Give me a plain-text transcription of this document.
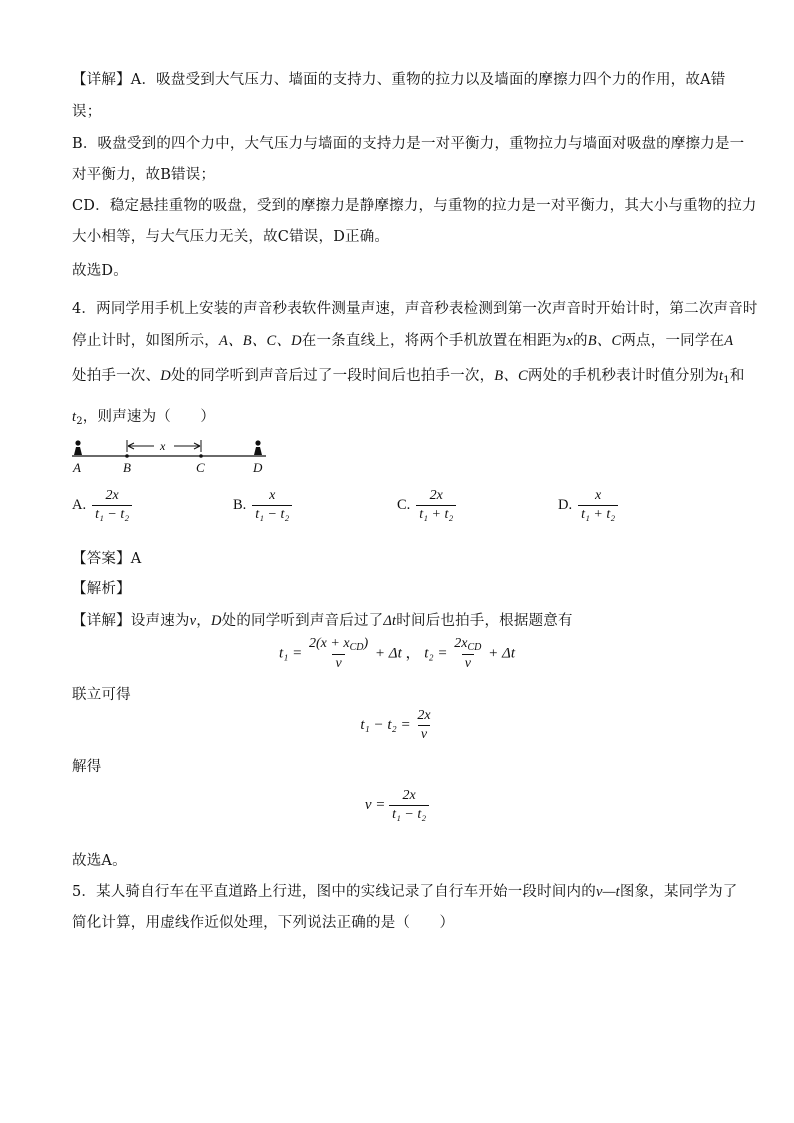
【详解】A．吸盘受到大气压力、墙面的支持力、重物的拉力以及墙面的摩擦力四个力的作用，故A错
误；
B．吸盘受到的四个力中，大气压力与墙面的支持力是一对平衡力，重物拉力与墙面对吸盘的摩擦力是一
对平衡力，故B错误；
CD．稳定悬挂重物的吸盘，受到的摩擦力是静摩擦力，与重物的拉力是一对平衡力，其大小与重物的拉力
大小相等，与大气压力无关，故C错误，D正确。
故选D。
4．两同学用手机上安装的声音秒表软件测量声速，声音秒表检测到第一次声音时开始计时，第二次声音时
停止计时，如图所示，A、B、C、D在一条直线上，将两个手机放置在相距为x的B、C两点，一同学在A
处拍手一次、D处的同学听到声音后过了一段时间后也拍手一次，B、C两处的手机秒表计时值分别为$t_1$和
$t_2$，则声速为（　　）
x
A	B	C	D
A. $\frac{2x}{\text{t₁ − t₂}}$	B. $\frac{x}{\text{t₁ − t₂}}$	C. $\frac{2x}{\text{t₁ + t₂}}$	D. $\frac{x}{\text{t₁ + t₂}}$
【答案】A
【解析】
【详解】设声速为v，D处的同学听到声音后过了Δt时间后也拍手，根据题意有
$t_1 = \frac{2(x + x_{CD})}{v} + \Delta t$ ， $t_2 = \frac{2x_{CD}}{v} + \Delta t$
联立可得
$t_1 - t_2 = \frac{2x}{v}$
解得
$v = \frac{2x}{\text{t₁ − t₂}}$
故选A。
5．某人骑自行车在平直道路上行进，图中的实线记录了自行车开始一段时间内的v—t图象，某同学为了
简化计算，用虚线作近似处理，下列说法正确的是（　　）
